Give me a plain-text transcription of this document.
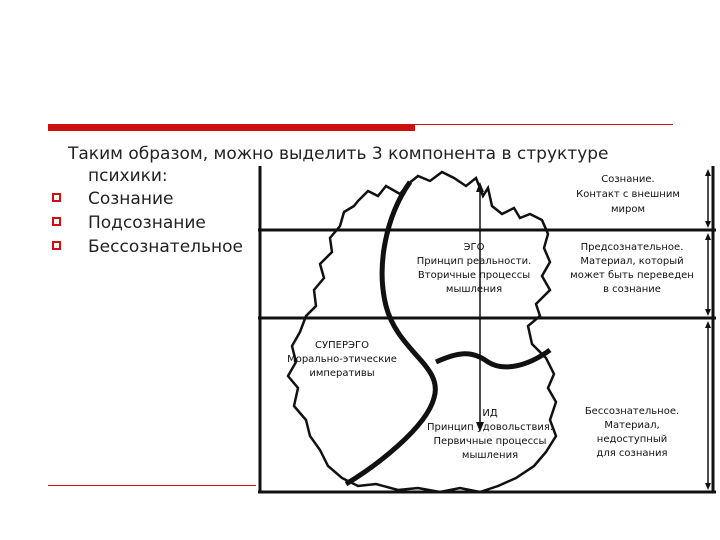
Таким образом, можно выделить 3 компонента в структуре
психики:
Сознание
Подсознание
Бессознательное	ЭГО
Принцип реальности.
Вторичные процессы
мышления
СУПЕРЭГО
Морально-этические
императивы
ИД
Принцип удовольствия.
Первичные процессы
мышления
Сознание.
Контакт с внешним
миром
Предсознательное.
Материал, который
может быть переведен
в сознание
Бессознательное.
Материал,
недоступный
для сознания
